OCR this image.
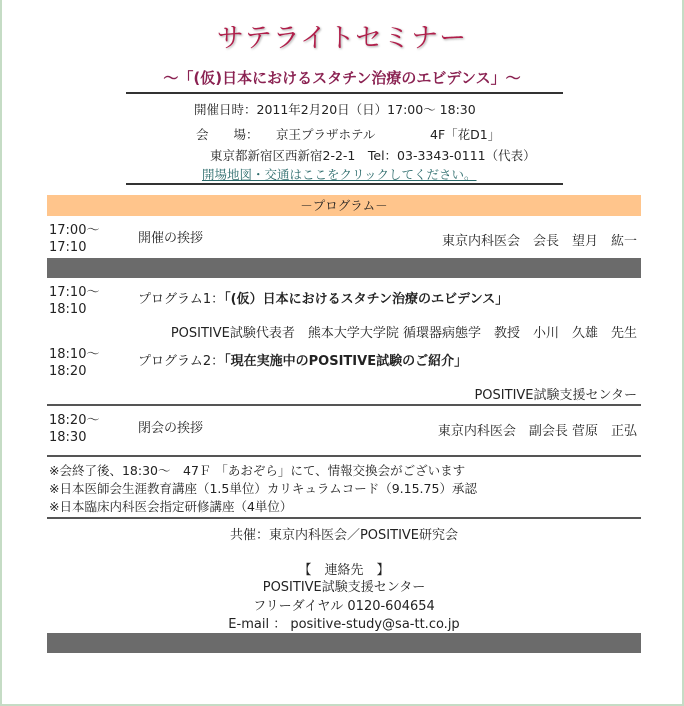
サテライトセミナー
～「(仮)日本におけるスタチン治療のエビデンス」～
開催日時：2011年2月20日（日）17:00～ 18:30
会　　場： 京王プラザホテル	4F「花D1」
東京都新宿区西新宿2-2-1　Tel：03-3343-0111（代表）
開場地図・交通はここをクリックしてください。
－プログラム－
17:00～
17:10
開催の挨拶	東京内科医会　会長　望月　紘一
17:10～
18:10
プログラム1：「(仮）日本におけるスタチン治療のエビデンス」
POSITIVE試験代表者　熊本大学大学院 循環器病態学　教授　小川　久雄　先生
18:10～
18:20
プログラム2：「現在実施中のPOSITIVE試験のご紹介」
POSITIVE試験支援センター
18:20～
18:30
閉会の挨拶	東京内科医会　副会長 菅原　正弘
※会終了後、18:30～　47Ｆ 「あおぞら」にて、情報交換会がございます
※日本医師会生涯教育講座（1.5単位）カリキュラムコード（9.15.75）承認
※日本臨床内科医会指定研修講座（4単位）
共催：東京内科医会／POSITIVE研究会
【　連絡先　】
POSITIVE試験支援センター
フリーダイヤル 0120-604654
E-mail ： positive-study@sa-tt.co.jp
